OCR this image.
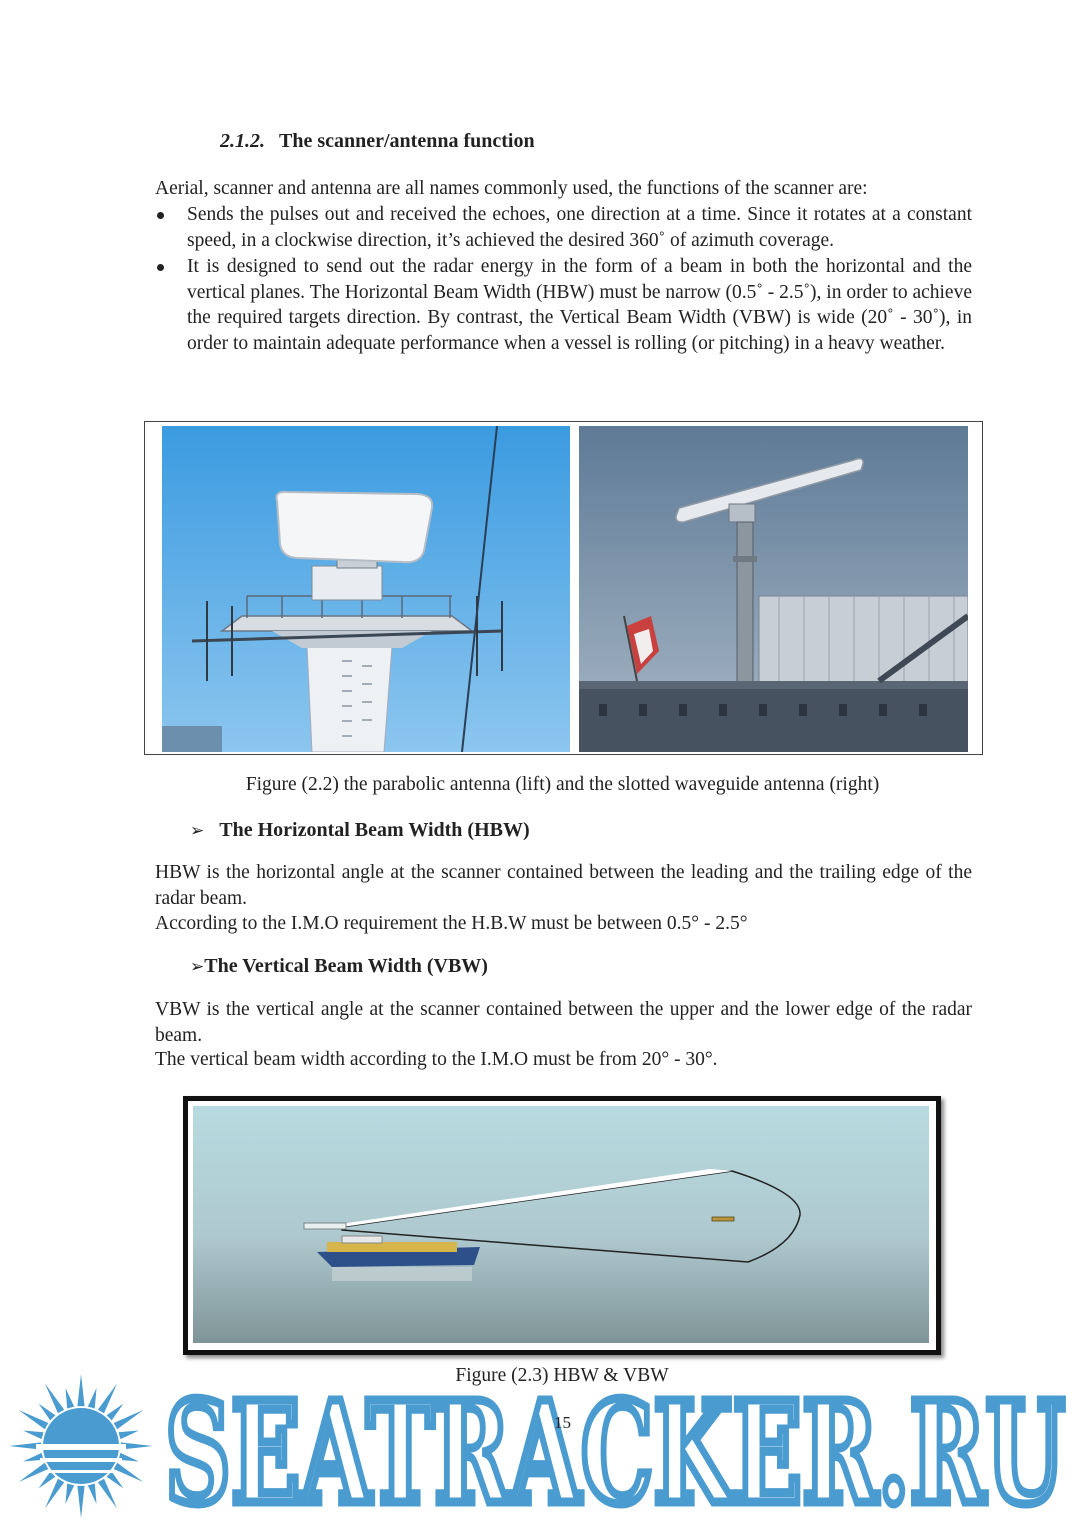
2.1.2. The scanner/antenna function
Aerial, scanner and antenna are all names commonly used, the functions of the scanner are:
Sends the pulses out and received the echoes, one direction at a time. Since it rotates at a constant speed, in a clockwise direction, it’s achieved the desired 360˚ of azimuth coverage.
It is designed to send out the radar energy in the form of a beam in both the horizontal and the vertical planes. The Horizontal Beam Width (HBW) must be narrow (0.5˚ - 2.5˚), in order to achieve the required targets direction. By contrast, the Vertical Beam Width (VBW) is wide (20˚ - 30˚), in order to maintain adequate performance when a vessel is rolling (or pitching) in a heavy weather.
Figure (2.2) the parabolic antenna (lift) and the slotted waveguide antenna (right)
➢ The Horizontal Beam Width (HBW)
HBW is the horizontal angle at the scanner contained between the leading and the trailing edge of the radar beam.
According to the I.M.O requirement the H.B.W must be between 0.5° - 2.5°
➢The Vertical Beam Width (VBW)
VBW is the vertical angle at the scanner contained between the upper and the lower edge of the radar beam.
The vertical beam width according to the I.M.O must be from 20° - 30°.
Figure (2.3) HBW & VBW
SEATRACKER.RU
15
